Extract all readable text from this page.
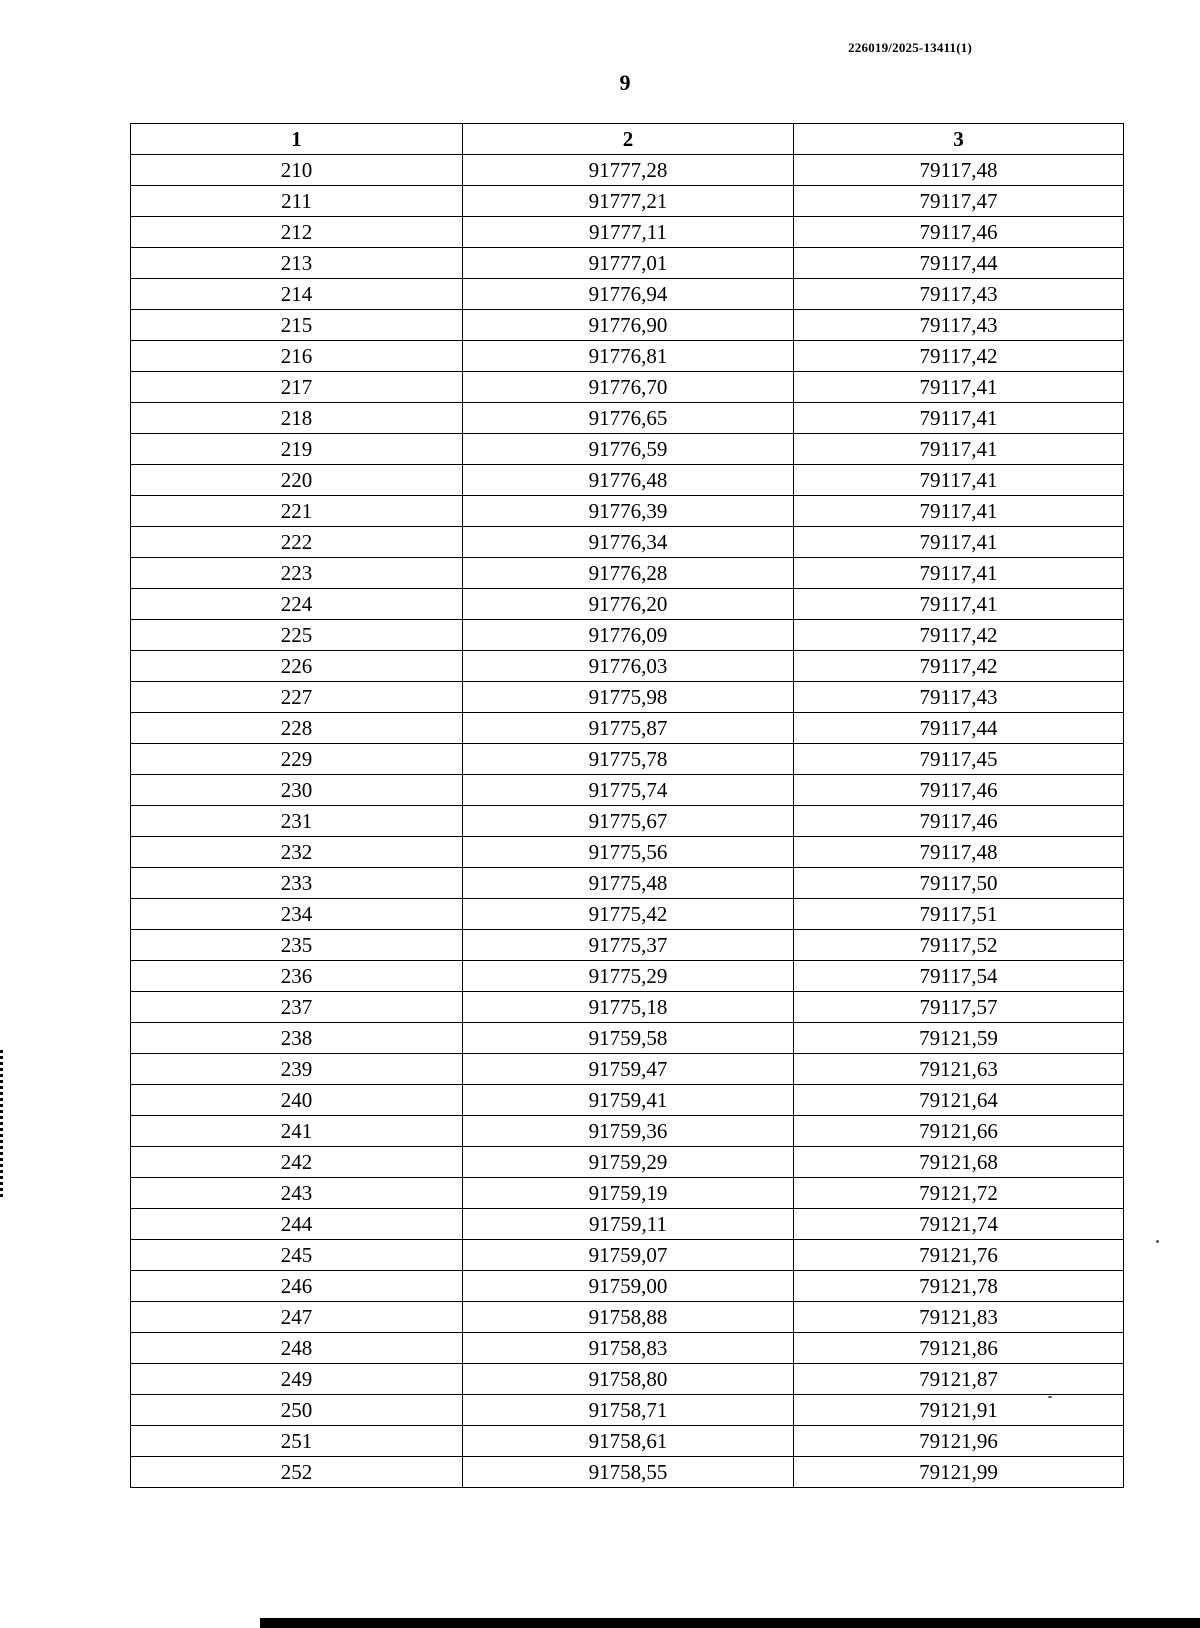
226019/2025-13411(1)
9
1	2	3
210	91777,28	79117,48
211	91777,21	79117,47
212	91777,11	79117,46
213	91777,01	79117,44
214	91776,94	79117,43
215	91776,90	79117,43
216	91776,81	79117,42
217	91776,70	79117,41
218	91776,65	79117,41
219	91776,59	79117,41
220	91776,48	79117,41
221	91776,39	79117,41
222	91776,34	79117,41
223	91776,28	79117,41
224	91776,20	79117,41
225	91776,09	79117,42
226	91776,03	79117,42
227	91775,98	79117,43
228	91775,87	79117,44
229	91775,78	79117,45
230	91775,74	79117,46
231	91775,67	79117,46
232	91775,56	79117,48
233	91775,48	79117,50
234	91775,42	79117,51
235	91775,37	79117,52
236	91775,29	79117,54
237	91775,18	79117,57
238	91759,58	79121,59
239	91759,47	79121,63
240	91759,41	79121,64
241	91759,36	79121,66
242	91759,29	79121,68
243	91759,19	79121,72
244	91759,11	79121,74
245	91759,07	79121,76
246	91759,00	79121,78
247	91758,88	79121,83
248	91758,83	79121,86
249	91758,80	79121,87
250	91758,71	79121,91
251	91758,61	79121,96
252	91758,55	79121,99
